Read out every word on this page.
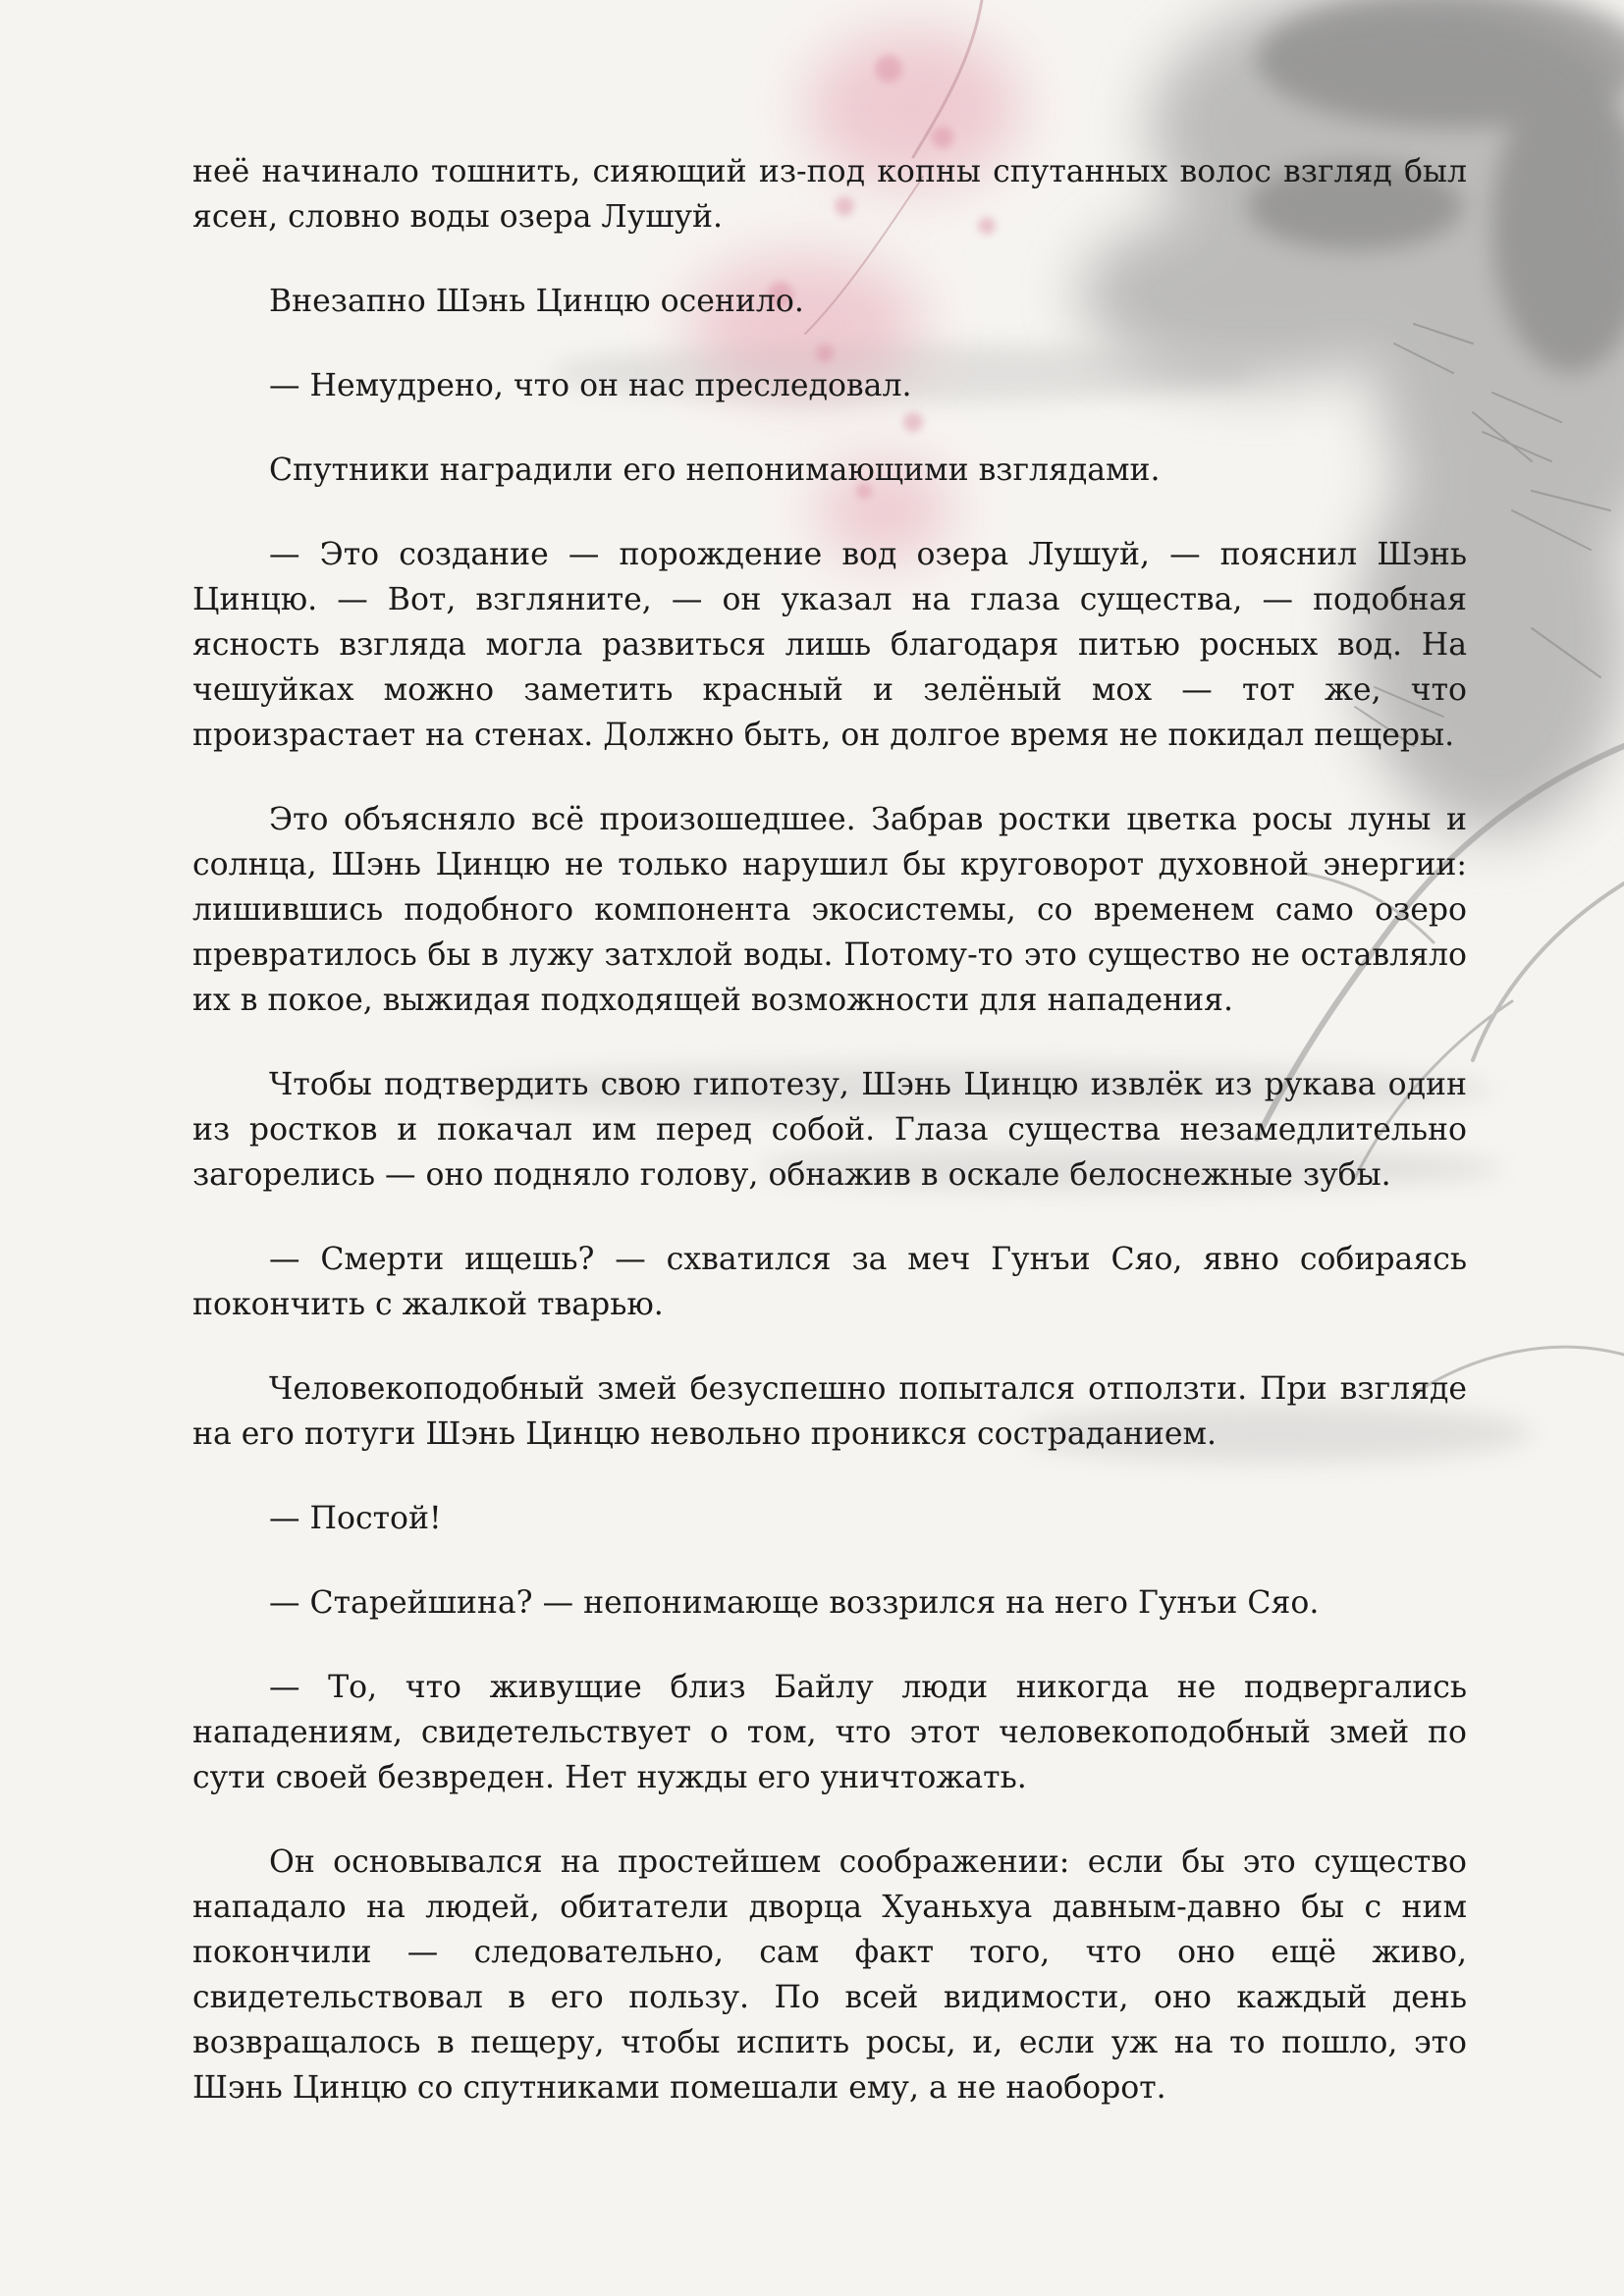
неё начинало тошнить, сияющий из-под копны спутанных волос взгляд был ясен, словно воды озера Лушуй.

Внезапно Шэнь Цинцю осенило.

— Немудрено, что он нас преследовал.

Спутники наградили его непонимающими взглядами.

— Это создание — порождение вод озера Лушуй, — пояснил Шэнь Цинцю. — Вот, взгляните, — он указал на глаза существа, — подобная ясность взгляда могла развиться лишь благодаря питью росных вод. На чешуйках можно заметить красный и зелёный мох — тот же, что произрастает на стенах. Должно быть, он долгое время не покидал пещеры.

Это объясняло всё произошедшее. Забрав ростки цветка росы луны и солнца, Шэнь Цинцю не только нарушил бы круговорот духовной энергии: лишившись подобного компонента экосистемы, со временем само озеро превратилось бы в лужу затхлой воды. Потому-то это существо не оставляло их в покое, выжидая подходящей возможности для нападения.

Чтобы подтвердить свою гипотезу, Шэнь Цинцю извлёк из рукава один из ростков и покачал им перед собой. Глаза существа незамедлительно загорелись — оно подняло голову, обнажив в оскале белоснежные зубы.

— Смерти ищешь? — схватился за меч Гунъи Сяо, явно собираясь покончить с жалкой тварью.

Человекоподобный змей безуспешно попытался отползти. При взгляде на его потуги Шэнь Цинцю невольно проникся состраданием.

— Постой!

— Старейшина? — непонимающе воззрился на него Гунъи Сяо.

— То, что живущие близ Байлу люди никогда не подвергались нападениям, свидетельствует о том, что этот человекоподобный змей по сути своей безвреден. Нет нужды его уничтожать.

Он основывался на простейшем соображении: если бы это существо нападало на людей, обитатели дворца Хуаньхуа давным-давно бы с ним покончили — следовательно, сам факт того, что оно ещё живо, свидетельствовал в его пользу. По всей видимости, оно каждый день возвращалось в пещеру, чтобы испить росы, и, если уж на то пошло, это Шэнь Цинцю со спутниками помешали ему, а не наоборот.
